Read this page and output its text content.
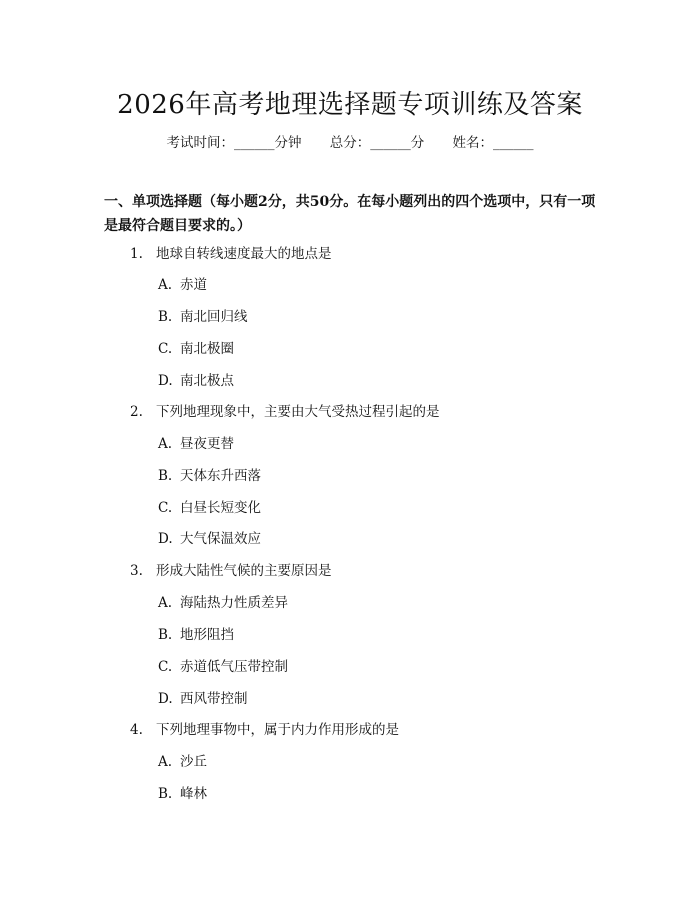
2026年高考地理选择题专项训练及答案
考试时间：______分钟 总分：______分 姓名：______
一、单项选择题（每小题2分，共50分。在每小题列出的四个选项中，只有一项是最符合题目要求的。）
1. 地球自转线速度最大的地点是
A. 赤道
B. 南北回归线
C. 南北极圈
D. 南北极点
2. 下列地理现象中，主要由大气受热过程引起的是
A. 昼夜更替
B. 天体东升西落
C. 白昼长短变化
D. 大气保温效应
3. 形成大陆性气候的主要原因是
A. 海陆热力性质差异
B. 地形阻挡
C. 赤道低气压带控制
D. 西风带控制
4. 下列地理事物中，属于内力作用形成的是
A. 沙丘
B. 峰林
